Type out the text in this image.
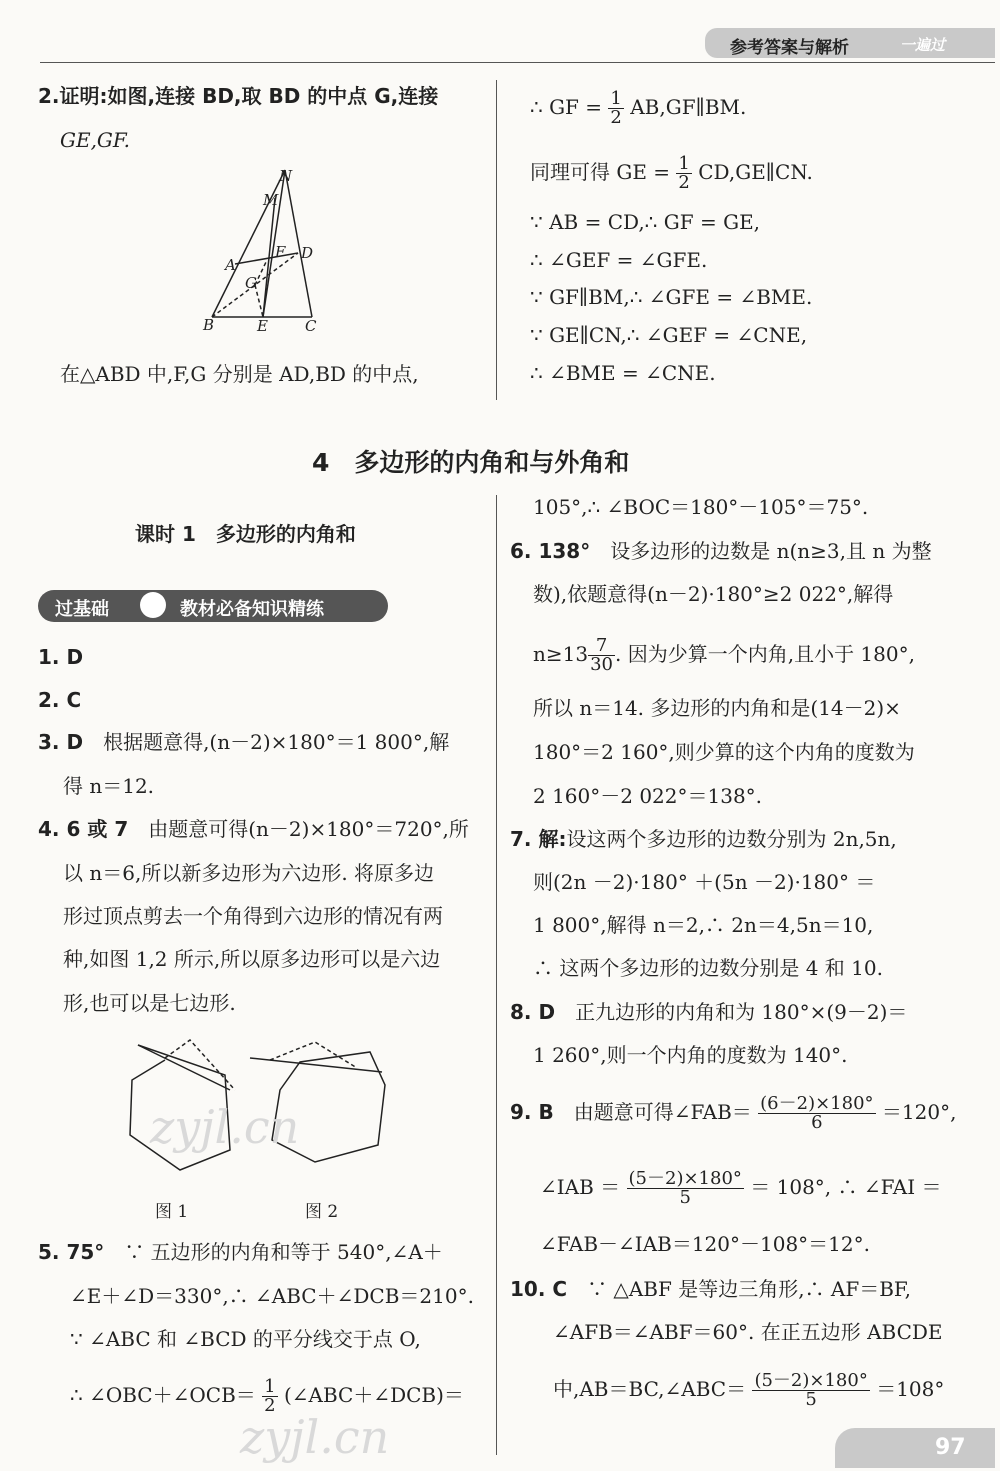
参考答案与解析	一遍过
2.证明:如图,连接 BD,取 BD 的中点 G,连接
GE,GF.
N
M
A
F D
G
B	E C
在△ABD 中,F,G 分别是 AD,BD 的中点,
∴ GF = $\frac{1}{2}$ AB,GF∥BM.
同理可得 GE = $\frac{1}{2}$ CD,GE∥CN.
∵ AB = CD,∴ GF = GE,
∴ ∠GEF = ∠GFE.
∵ GF∥BM,∴ ∠GFE = ∠BME.
∵ GE∥CN,∴ ∠GEF = ∠CNE,
∴ ∠BME = ∠CNE.
4　多边形的内角和与外角和
课时 1　多边形的内角和
过基础	教材必备知识精练
1. D
2. C
3. D　 根据题意得,(n－2)×180°＝1 800°,解
得 n＝12.
4. 6 或 7　 由题意可得(n－2)×180°＝720°,所
以 n＝6,所以新多边形为六边形. 将原多边
形过顶点剪去一个角得到六边形的情况有两
种,如图 1,2 所示,所以原多边形可以是六边
形,也可以是七边形.
zyjl.cn
图 1	图 2
5. 75°　 ∵ 五边形的内角和等于 540°,∠A＋
∠E＋∠D＝330°,∴ ∠ABC＋∠DCB＝210°.
∵ ∠ABC 和 ∠BCD 的平分线交于点 O,
∴ ∠OBC＋∠OCB＝ $\frac{1}{2}$ (∠ABC＋∠DCB)＝
zyjl.cn
105°,∴ ∠BOC＝180°－105°＝75°.
6. 138°　 设多边形的边数是 n(n≥3,且 n 为整
数),依题意得(n－2)·180°≥2 022°,解得
$n\ge 13 \frac{7}{30}$ . 因为少算一个内角,且小于 180°,
所以 n＝14. 多边形的内角和是(14－2)×
180°＝2 160°,则少算的这个内角的度数为
2 160°－2 022°＝138°.
7. 解:设这两个多边形的边数分别为 2n,5n,
则(2n －2)·180° ＋(5n －2)·180° ＝
1 800°,解得 n＝2,∴ 2n＝4,5n＝10,
∴ 这两个多边形的边数分别是 4 和 10.
8. D　 正九边形的内角和为 180°×(9－2)＝
1 260°,则一个内角的度数为 140°.
9. B　 由题意可得∠FAB＝ $\frac{(6-2)\times 180^\circ}{6} =120^\circ$,
∠IAB ＝ $\frac{(5-2)\times 180^\circ}{5} = 108^\circ$, ∴ ∠FAI ＝
∠FAB－∠IAB＝120°－108°＝12°.
10. C　 ∵ △ABF 是等边三角形,∴ AF＝BF,
∠AFB＝∠ABF＝60°. 在正五边形 ABCDE
中,AB＝BC,∠ABC＝ $\frac{(5-2)\times 180^\circ}{5} =108^\circ$
97
